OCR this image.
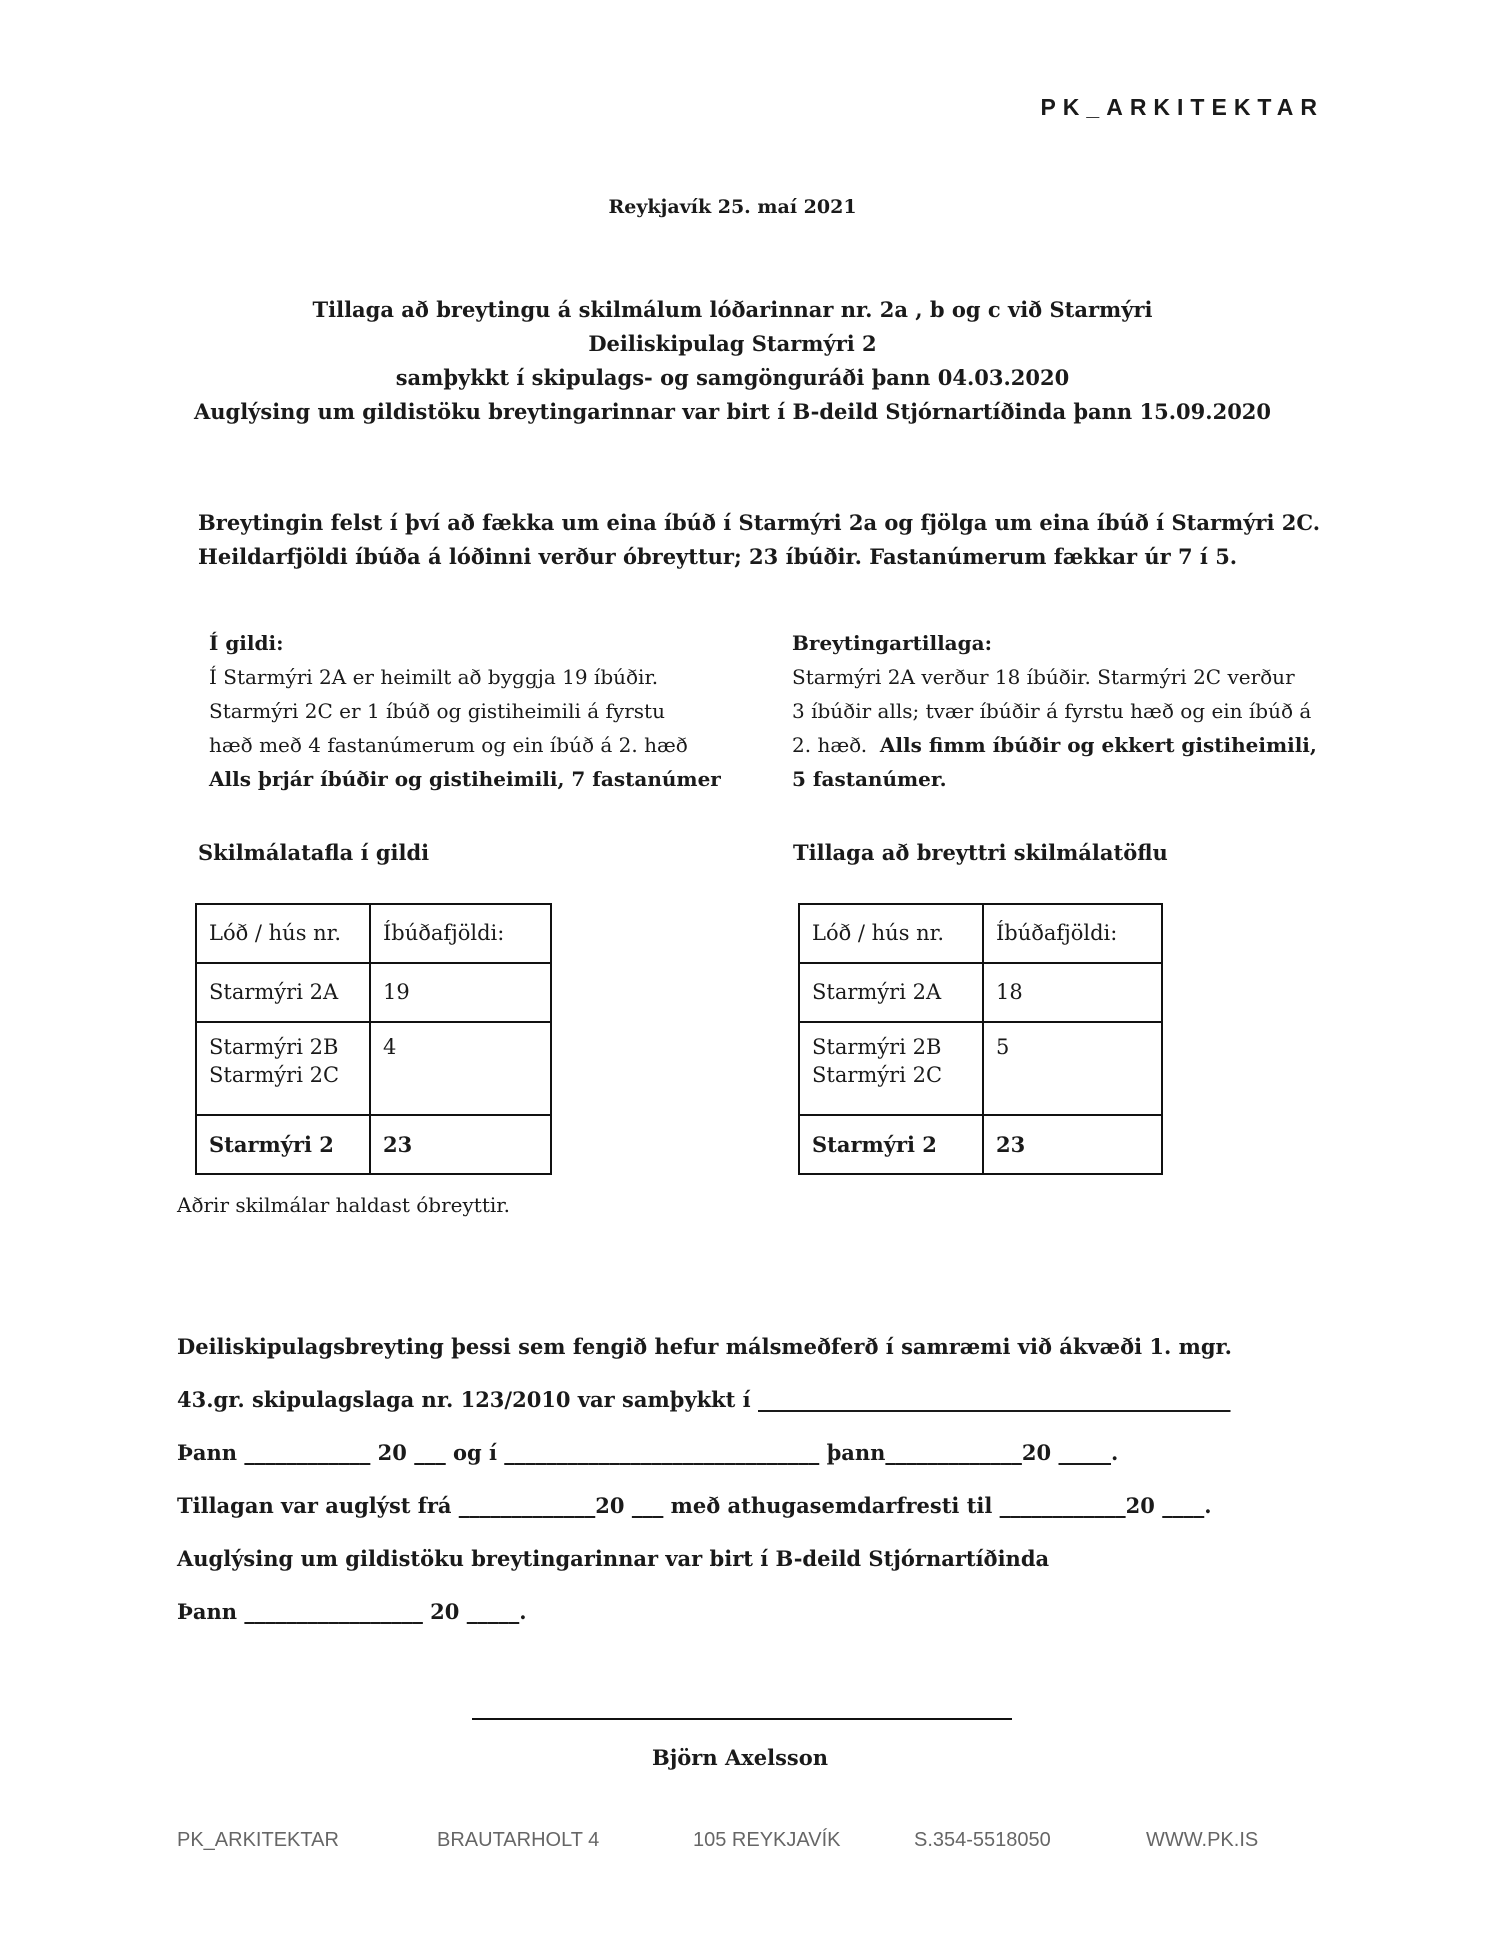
PK_ARKITEKTAR
Reykjavík 25. maí 2021
Tillaga að breytingu á skilmálum lóðarinnar nr. 2a , b og c við Starmýri
Deiliskipulag Starmýri 2
samþykkt í skipulags- og samgönguráði þann 04.03.2020
Auglýsing um gildistöku breytingarinnar var birt í B-deild Stjórnartíðinda þann 15.09.2020
Breytingin felst í því að fækka um eina íbúð í Starmýri 2a og fjölga um eina íbúð í Starmýri 2C.
Heildarfjöldi íbúða á lóðinni verður óbreyttur; 23 íbúðir. Fastanúmerum fækkar úr 7 í 5.
Í gildi:
Í Starmýri 2A er heimilt að byggja 19 íbúðir.
Starmýri 2C er 1 íbúð og gistiheimili á fyrstu
hæð með 4 fastanúmerum og ein íbúð á 2. hæð
Alls þrjár íbúðir og gistiheimili, 7 fastanúmer
Breytingartillaga:
Starmýri 2A verður 18 íbúðir. Starmýri 2C verður
3 íbúðir alls; tvær íbúðir á fyrstu hæð og ein íbúð á
2. hæð. Alls fimm íbúðir og ekkert gistiheimili,
5 fastanúmer.
Skilmálatafla í gildi	Tillaga að breyttri skilmálatöflu
Lóð / hús nr.	Íbúðafjöldi:
Starmýri 2A	19

Starmýri 2B
Starmýri 2C	4
Starmýri 2	23
Lóð / hús nr.	Íbúðafjöldi:
Starmýri 2A	18

Starmýri 2B
Starmýri 2C	5
Starmýri 2	23
Aðrir skilmálar haldast óbreyttir.
Deiliskipulagsbreyting þessi sem fengið hefur málsmeðferð í samræmi við ákvæði 1. mgr.
43.gr. skipulagslaga nr. 123/2010 var samþykkt í _____________________________________________
Þann ____________ 20 ___ og í ______________________________ þann_____________20 _____.
Tillagan var auglýst frá _____________20 ___ með athugasemdarfresti til ____________20 ____.
Auglýsing um gildistöku breytingarinnar var birt í B-deild Stjórnartíðinda
Þann _________________ 20 _____.
Björn Axelsson
PK_ARKITEKTAR	BRAUTARHOLT 4	105 REYKJAVÍK	S.354-5518050	WWW.PK.IS
